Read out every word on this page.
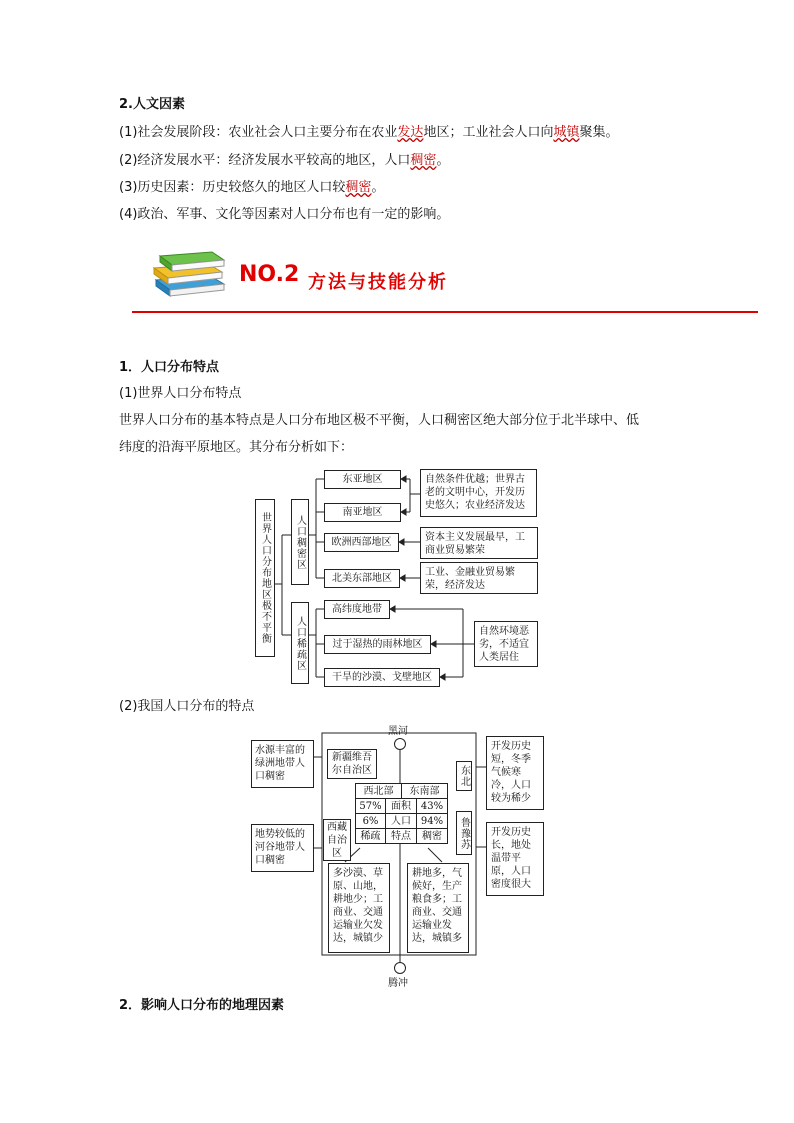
2.人文因素
(1)社会发展阶段：农业社会人口主要分布在农业发达地区；工业社会人口向城镇聚集。
(2)经济发展水平：经济发展水平较高的地区，人口稠密。
(3)历史因素：历史较悠久的地区人口较稠密。
(4)政治、军事、文化等因素对人口分布也有一定的影响。
NO.2 方法与技能分析
1．人口分布特点
(1)世界人口分布特点
世界人口分布的基本特点是人口分布地区极不平衡，人口稠密区绝大部分位于北半球中、低
纬度的沿海平原地区。其分布分析如下：
世界人口分布地区极不平衡	人口稠密区
人口稀疏区
东亚地区
南亚地区
欧洲西部地区
北美东部地区
自然条件优越；世界古老的文明中心，开发历史悠久；农业经济发达
资本主义发展最早，工商业贸易繁荣
工业、金融业贸易繁荣，经济发达
高纬度地带
过于湿热的雨林地区
干旱的沙漠、戈壁地区
自然环境恶劣，不适宜人类居住
(2)我国人口分布的特点
黑河
腾冲
水源丰富的绿洲地带人口稠密
地势较低的河谷地带人口稠密
新疆维吾尔自治区
西藏自治区
东北
鲁豫苏
西北部	东南部
57% 面积 43%
6%	人口 94%
稀疏	特点	稠密
多沙漠、草原、山地，耕地少；工商业、交通运输业欠发达，城镇少
耕地多，气候好，生产粮食多；工商业、交通运输业发达，城镇多
开发历史短，冬季气候寒冷，人口较为稀少
开发历史长，地处温带平原，人口密度很大
2．影响人口分布的地理因素
